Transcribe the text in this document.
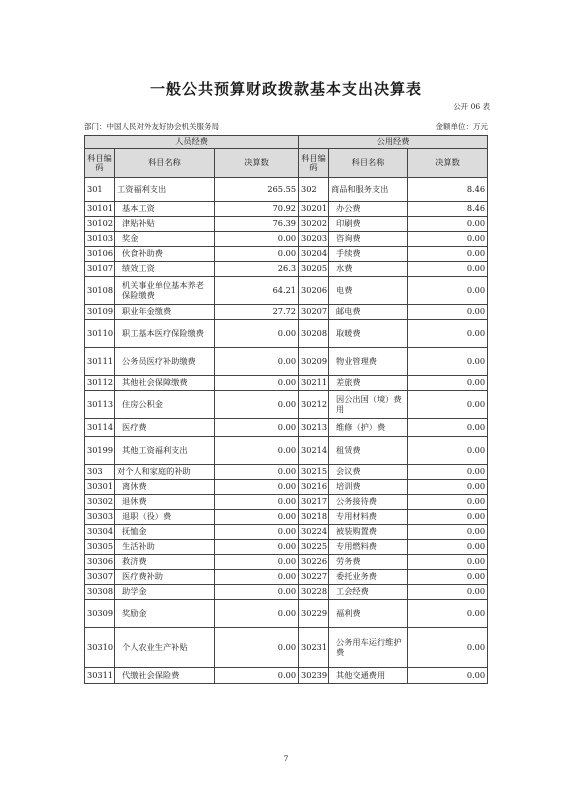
一般公共预算财政拨款基本支出决算表
公开 06 表
部门：中国人民对外友好协会机关服务局	金额单位：万元
人员经费			公用经费		
科目编码	科目名称	决算数	科目编码	科目名称	决算数
301	工资福利支出	265.55	302	商品和服务支出	8.46
30101	基本工资	70.92	30201	办公费	8.46
30102	津贴补贴	76.39	30202	印刷费	0.00
30103	奖金	0.00	30203	咨询费	0.00
30106	伙食补助费	0.00	30204	手续费	0.00
30107	绩效工资	26.3	30205	水费	0.00
30108	机关事业单位基本养老保险缴费	64.21	30206	电费	0.00
30109	职业年金缴费	27.72	30207	邮电费	0.00
30110	职工基本医疗保险缴费	0.00	30208	取暖费	0.00
30111	公务员医疗补助缴费	0.00	30209	物业管理费	0.00
30112	其他社会保障缴费	0.00	30211	差旅费	0.00
30113	住房公积金	0.00	30212	因公出国（境）费用	0.00
30114	医疗费	0.00	30213	维修（护）费	0.00
30199	其他工资福利支出	0.00	30214	租赁费	0.00
303	对个人和家庭的补助	0.00	30215	会议费	0.00
30301	离休费	0.00	30216	培训费	0.00
30302	退休费	0.00	30217	公务接待费	0.00
30303	退职（役）费	0.00	30218	专用材料费	0.00
30304	抚恤金	0.00	30224	被装购置费	0.00
30305	生活补助	0.00	30225	专用燃料费	0.00
30306	救济费	0.00	30226	劳务费	0.00
30307	医疗费补助	0.00	30227	委托业务费	0.00
30308	助学金	0.00	30228	工会经费	0.00
30309	奖励金	0.00	30229	福利费	0.00
30310	个人农业生产补贴	0.00	30231	公务用车运行维护费	0.00
30311	代缴社会保险费	0.00	30239	其他交通费用	0.00
7
